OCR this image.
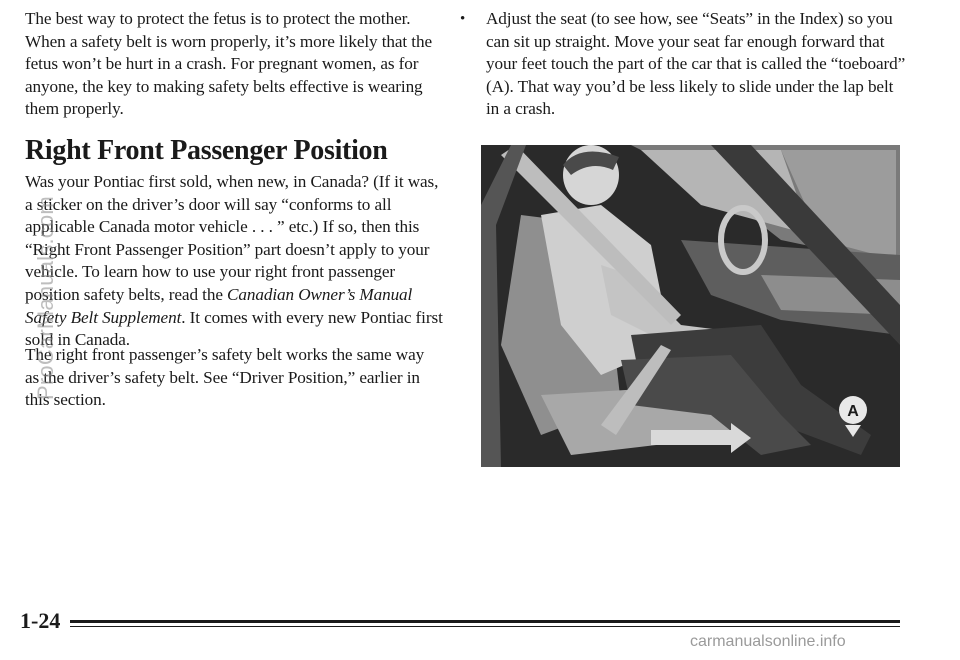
The best way to protect the fetus is to protect the mother. When a safety belt is worn properly, it’s more likely that the fetus won’t be hurt in a crash. For pregnant women, as for anyone, the key to making safety belts effective is wearing them properly.

Right Front Passenger Position

Was your Pontiac first sold, when new, in Canada? (If it was, a sticker on the driver’s door will say “conforms to all applicable Canada motor vehicle . . . ” etc.) If so, then this “Right Front Passenger Position” part doesn’t apply to your vehicle. To learn how to use your right front passenger position safety belts, read the Canadian Owner’s Manual Safety Belt Supplement. It comes with every new Pontiac first sold in Canada.

The right front passenger’s safety belt works the same way as the driver’s safety belt. See “Driver Position,” earlier in this section.

•	Adjust the seat (to see how, see “Seats” in the Index) so you can sit up straight. Move your seat far enough forward that your feet touch the part of the car that is called the “toeboard” (A). That way you’d be less likely to slide under the lap belt in a crash.

A

1-24

ProCarManuals.com
carmanualsonline.info
